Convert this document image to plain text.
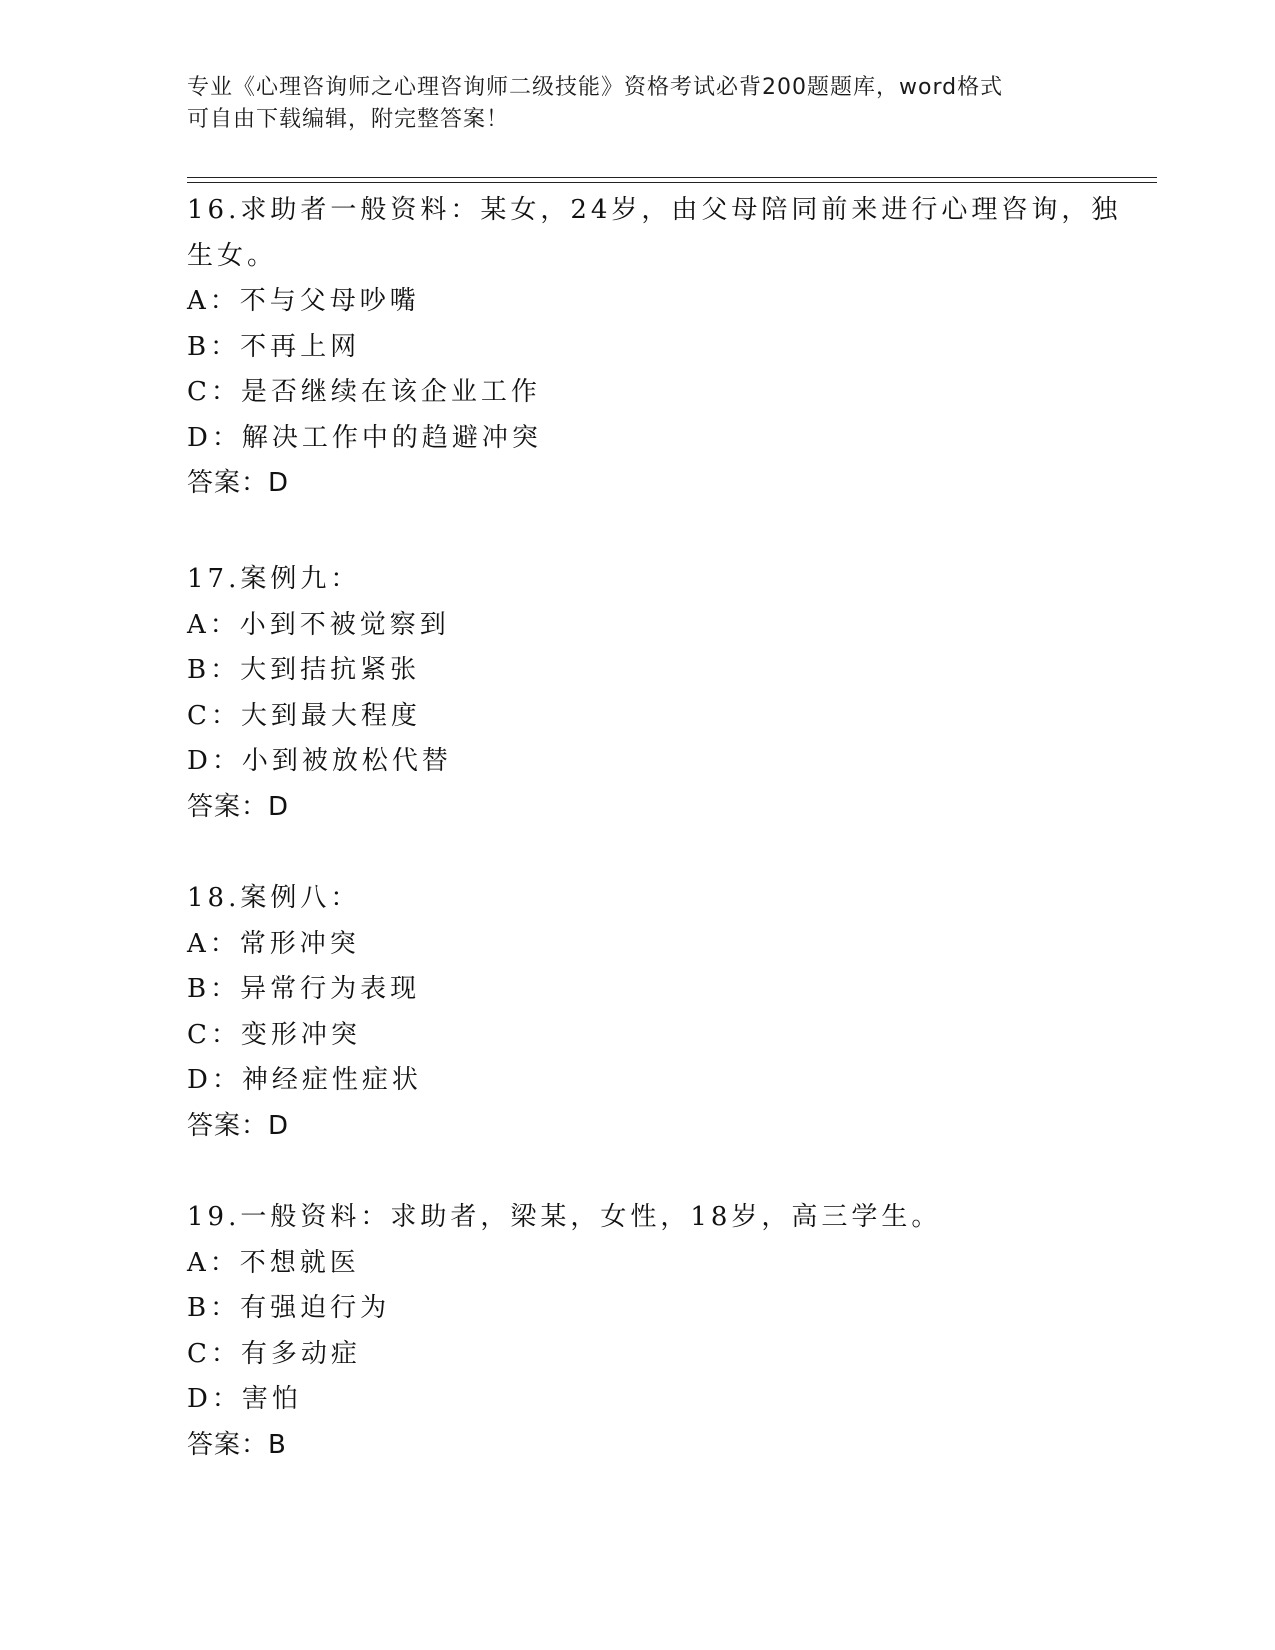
专业《心理咨询师之心理咨询师二级技能》资格考试必背200题题库，word格式
可自由下载编辑，附完整答案！
16.求助者一般资料：某女，24岁，由父母陪同前来进行心理咨询，独
生女。
A：不与父母吵嘴
B：不再上网
C：是否继续在该企业工作
D：解决工作中的趋避冲突
答案：D
17.案例九：
A：小到不被觉察到
B：大到拮抗紧张
C：大到最大程度
D：小到被放松代替
答案：D
18.案例八：
A：常形冲突
B：异常行为表现
C：变形冲突
D：神经症性症状
答案：D
19.一般资料：求助者，梁某，女性，18岁，高三学生。
A：不想就医
B：有强迫行为
C：有多动症
D：害怕
答案：B
